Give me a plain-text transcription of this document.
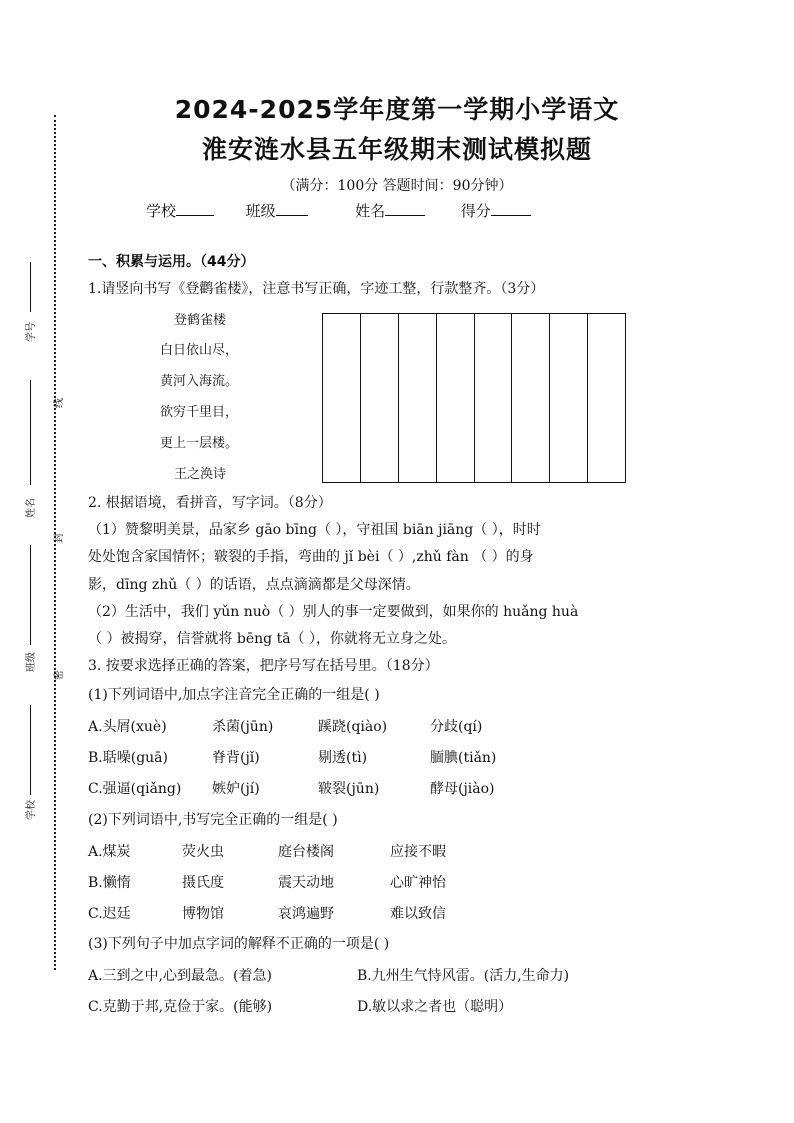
学号
姓名
班级
学校
线
封
密
2024-2025学年度第一学期小学语文
淮安涟水县五年级期末测试模拟题
（满分：100分 答题时间：90分钟）
学校	班级	姓名	得分
一、积累与运用。（44分）
1.请竖向书写《登鹳雀楼》，注意书写正确，字迹工整，行款整齐。（3分）
登鹤雀楼
白日依山尽，
黄河入海流。
欲穷千里目，
更上一层楼。
王之涣诗
2. 根据语境，看拼音，写字词。（8分）
（1）赞黎明美景，品家乡 gāo bīng（ ），守祖国 biān jiāng（ ），时时
处处饱含家国情怀；皲裂的手指，弯曲的 jǐ bèi（ ）,zhǔ fàn （ ）的身
影，dīng zhǔ（ ）的话语，点点滴滴都是父母深情。
（2）生活中，我们 yǔn nuò（ ）别人的事一定要做到，如果你的 huǎng huà
（ ）被揭穿，信誉就将 bēng tā（ ），你就将无立身之处。
3. 按要求选择正确的答案，把序号写在括号里。（18分）
(1)下列词语中,加点字注音完全正确的一组是( )
A.头屑(xuè)	杀菌(jūn)	蹊跷(qiào)	分歧(qí)
B.聒噪(guā)	脊背(jǐ)	剔透(tì)	腼腆(tiǎn)
C.强逼(qiǎng) 嫉妒(jí)	皲裂(jūn)	酵母(jiào)
(2)下列词语中,书写完全正确的一组是( )
A.煤炭	荧火虫	庭台楼阁	应接不暇
B.懒惰	摄氏度	震天动地	心旷神怡
C.迟廷	博物馆	哀鸿遍野	难以致信
(3)下列句子中加点字词的解释不正确的一项是( )
A.三到之中,心到最急。(着急)	B.九州生气恃风雷。(活力,生命力)
C.克勤于邦,克俭于家。(能够)	D.敏以求之者也（聪明）
